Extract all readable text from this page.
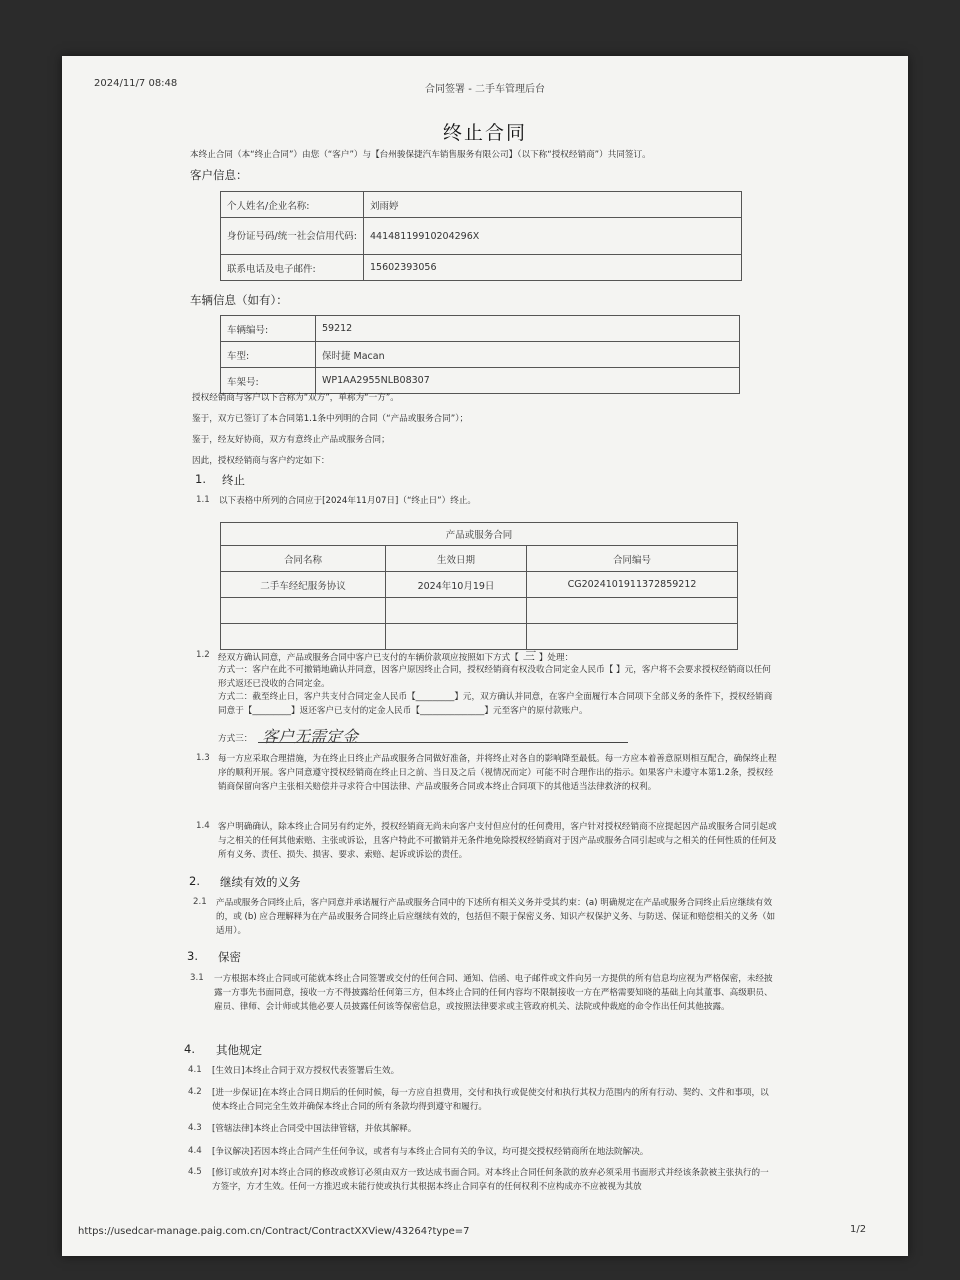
2024/11/7 08:48
合同签署 - 二手车管理后台
终止合同
本终止合同（本“终止合同”）由您（“客户”）与【台州骏保捷汽车销售服务有限公司】（以下称“授权经销商”）共同签订。
客户信息：
个人姓名/企业名称:	刘雨婷
身份证号码/统一社会信用代码:	44148119910204296X
联系电话及电子邮件:	15602393056
车辆信息（如有）：
车辆编号:	59212
车型:	保时捷 Macan
车架号:	WP1AA2955NLB08307
授权经销商与客户以下合称为“双方”，单称为“一方”。
鉴于，双方已签订了本合同第1.1条中列明的合同（“产品或服务合同”）；
鉴于，经友好协商，双方有意终止产品或服务合同；
因此，授权经销商与客户约定如下：
1. 终止
1.1 以下表格中所列的合同应于[2024年11月07日]（“终止日”）终止。
产品或服务合同		
合同名称	生效日期	合同编号
二手车经纪服务协议	2024年10月19日	CG2024101911372859212

1.2 经双方确认同意，产品或服务合同中客户已支付的车辆价款项应按照如下方式【 三 】处理：
方式一：客户在此不可撤销地确认并同意，因客户原因终止合同，授权经销商有权没收合同定金人民币【 】元，客户将不会要求授权经销商以任何形式返还已没收的合同定金。
方式二：截至终止日，客户共支付合同定金人民币【_________】元，双方确认并同意，在客户全面履行本合同项下全部义务的条件下，授权经销商同意于【_________】返还客户已支付的定金人民币【_______________】元至客户的原付款账户。
方式三： 客户无需定金
1.3 每一方应采取合理措施，为在终止日终止产品或服务合同做好准备，并将终止对各自的影响降至最低。每一方应本着善意原则相互配合，确保终止程序的顺利开展。客户同意遵守授权经销商在终止日之前、当日及之后（视情况而定）可能不时合理作出的指示。如果客户未遵守本第1.2条，授权经销商保留向客户主张相关赔偿并寻求符合中国法律、产品或服务合同或本终止合同项下的其他适当法律救济的权利。
1.4 客户明确确认，除本终止合同另有约定外，授权经销商无尚未向客户支付但应付的任何费用，客户针对授权经销商不应提起因产品或服务合同引起或与之相关的任何其他索赔、主张或诉讼，且客户特此不可撤销并无条件地免除授权经销商对于因产品或服务合同引起或与之相关的任何性质的任何及所有义务、责任、损失、损害、要求、索赔、起诉或诉讼的责任。
2. 继续有效的义务
2.1 产品或服务合同终止后，客户同意并承诺履行产品或服务合同中的下述所有相关义务并受其约束：(a) 明确规定在产品或服务合同终止后应继续有效的，或 (b) 应合理解释为在产品或服务合同终止后应继续有效的，包括但不限于保密义务、知识产权保护义务、与防送、保证和赔偿相关的义务（如适用）。
3. 保密
3.1 一方根据本终止合同或可能就本终止合同签署或交付的任何合同、通知、信函、电子邮件或文件向另一方提供的所有信息均应视为严格保密，未经披露一方事先书面同意，接收一方不得披露给任何第三方，但本终止合同的任何内容均不限制接收一方在严格需要知晓的基础上向其董事、高级职员、雇员、律师、会计师或其他必要人员披露任何该等保密信息，或按照法律要求或主管政府机关、法院或仲裁庭的命令作出任何其他披露。
4. 其他规定
4.1 [生效日]本终止合同于双方授权代表签署后生效。
4.2 [进一步保证]在本终止合同日期后的任何时候，每一方应自担费用，交付和执行或促使交付和执行其权力范围内的所有行动、契约、文件和事项，以使本终止合同完全生效并确保本终止合同的所有条款均得到遵守和履行。
4.3 [管辖法律]本终止合同受中国法律管辖，并依其解释。
4.4 [争议解决]若因本终止合同产生任何争议，或者有与本终止合同有关的争议，均可提交授权经销商所在地法院解决。
4.5 [修订或放弃]对本终止合同的修改或修订必须由双方一致达成书面合同。对本终止合同任何条款的放弃必须采用书面形式并经该条款被主张执行的一方签字，方才生效。任何一方推迟或未能行使或执行其根据本终止合同享有的任何权利不应构成亦不应被视为其放
https://usedcar-manage.paig.com.cn/Contract/ContractXXView/43264?type=7	1/2
